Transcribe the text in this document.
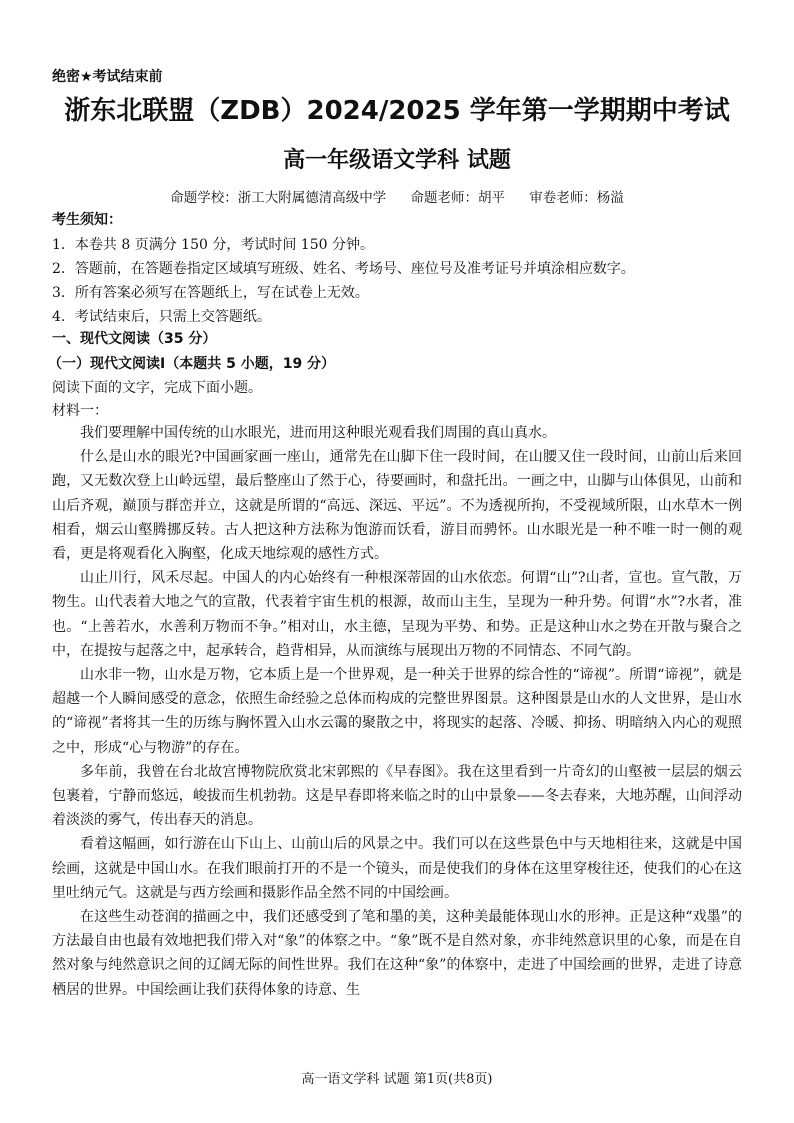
绝密★考试结束前
浙东北联盟（ZDB）2024/2025 学年第一学期期中考试
高一年级语文学科 试题
命题学校：浙工大附属德清高级中学 命题老师：胡平 审卷老师：杨溢
考生须知：
1．本卷共 8 页满分 150 分，考试时间 150 分钟。
2．答题前，在答题卷指定区域填写班级、姓名、考场号、座位号及准考证号并填涂相应数字。
3．所有答案必须写在答题纸上，写在试卷上无效。
4．考试结束后，只需上交答题纸。
一、现代文阅读（35 分）
（一）现代文阅读Ⅰ（本题共 5 小题，19 分）
阅读下面的文字，完成下面小题。
材料一：

我们要理解中国传统的山水眼光，进而用这种眼光观看我们周围的真山真水。

什么是山水的眼光?中国画家画一座山，通常先在山脚下住一段时间，在山腰又住一段时间，山前山后来回跑，又无数次登上山岭远望，最后整座山了然于心，待要画时，和盘托出。一画之中，山脚与山体俱见，山前和山后齐观，巅顶与群峦并立，这就是所谓的“高远、深远、平远”。不为透视所拘，不受视域所限，山水草木一例相看，烟云山壑腾挪反转。古人把这种方法称为饱游而饫看，游目而骋怀。山水眼光是一种不唯一时一侧的观看，更是将观看化入胸壑，化成天地综观的感性方式。

山止川行，风禾尽起。中国人的内心始终有一种根深蒂固的山水依恋。何谓“山”?山者，宣也。宣气散，万物生。山代表着大地之气的宣散，代表着宇宙生机的根源，故而山主生，呈现为一种升势。何谓“水”?水者，准也。“上善若水，水善利万物而不争。”相对山，水主德，呈现为平势、和势。正是这种山水之势在开散与聚合之中，在提按与起落之中，起承转合，趋背相异，从而演练与展现出万物的不同情态、不同气韵。

山水非一物，山水是万物，它本质上是一个世界观，是一种关于世界的综合性的“谛视”。所谓“谛视”，就是超越一个人瞬间感受的意念，依照生命经验之总体而构成的完整世界图景。这种图景是山水的人文世界，是山水的“谛视”者将其一生的历练与胸怀置入山水云霭的聚散之中，将现实的起落、冷暖、抑扬、明暗纳入内心的观照之中，形成“心与物游”的存在。

多年前，我曾在台北故宫博物院欣赏北宋郭熙的《早春图》。我在这里看到一片奇幻的山壑被一层层的烟云包裹着，宁静而悠远，峻拔而生机勃勃。这是早春即将来临之时的山中景象——冬去春来，大地苏醒，山间浮动着淡淡的雾气，传出春天的消息。

看着这幅画，如行游在山下山上、山前山后的风景之中。我们可以在这些景色中与天地相往来，这就是中国绘画，这就是中国山水。在我们眼前打开的不是一个镜头，而是使我们的身体在这里穿梭往还，使我们的心在这里吐纳元气。这就是与西方绘画和摄影作品全然不同的中国绘画。

在这些生动苍润的描画之中，我们还感受到了笔和墨的美，这种美最能体现山水的形神。正是这种“戏墨”的方法最自由也最有效地把我们带入对“象”的体察之中。“象”既不是自然对象，亦非纯然意识里的心象，而是在自然对象与纯然意识之间的辽阔无际的间性世界。我们在这种“象”的体察中，走进了中国绘画的世界，走进了诗意栖居的世界。中国绘画让我们获得体象的诗意、生

高一语文学科 试题 第1页(共8页)
